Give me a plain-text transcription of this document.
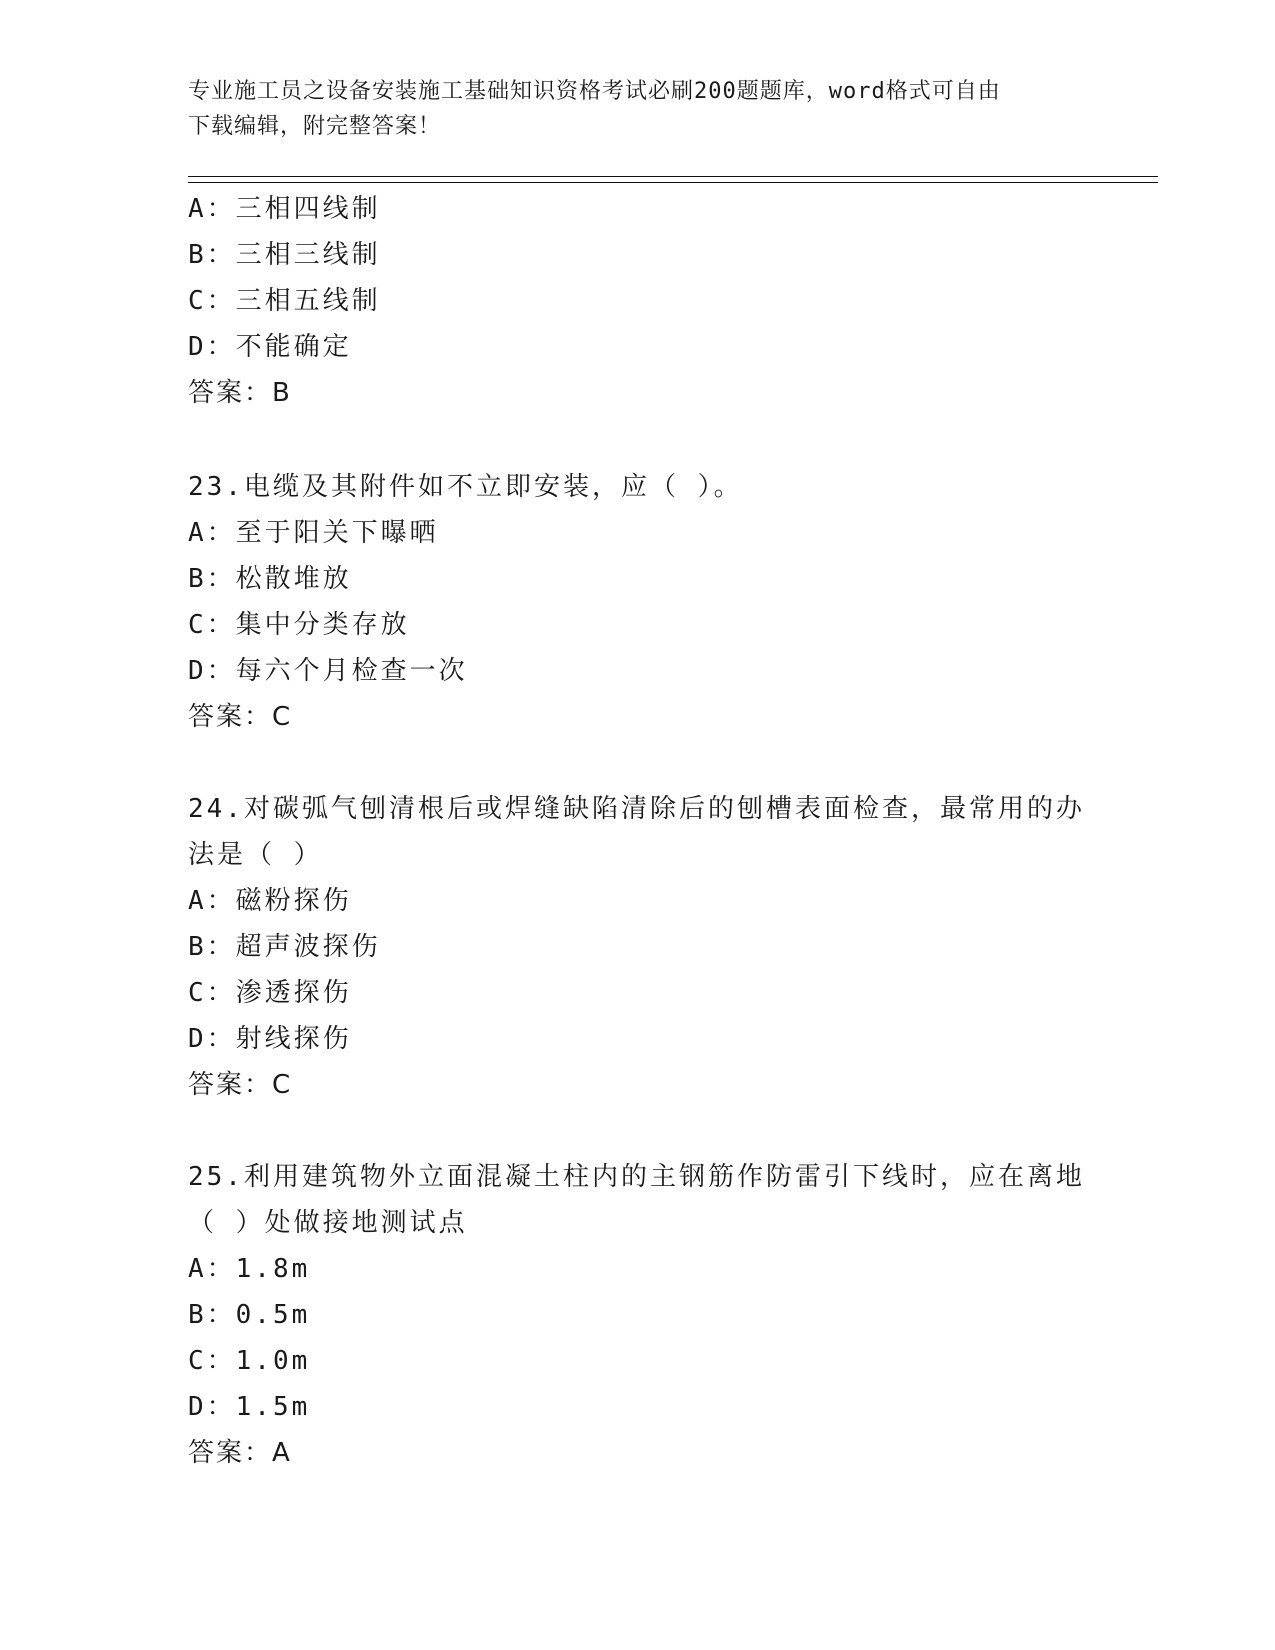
专业施工员之设备安装施工基础知识资格考试必刷200题题库，word格式可自由
下载编辑，附完整答案！
A：三相四线制
B：三相三线制
C：三相五线制
D：不能确定
答案：B
23.电缆及其附件如不立即安装，应（ ）。
A：至于阳关下曝晒
B：松散堆放
C：集中分类存放
D：每六个月检查一次
答案：C
24.对碳弧气刨清根后或焊缝缺陷清除后的刨槽表面检查，最常用的办
法是（ ）
A：磁粉探伤
B：超声波探伤
C：渗透探伤
D：射线探伤
答案：C
25.利用建筑物外立面混凝土柱内的主钢筋作防雷引下线时，应在离地
（ ）处做接地测试点
A：1.8m
B：0.5m
C：1.0m
D：1.5m
答案：A
